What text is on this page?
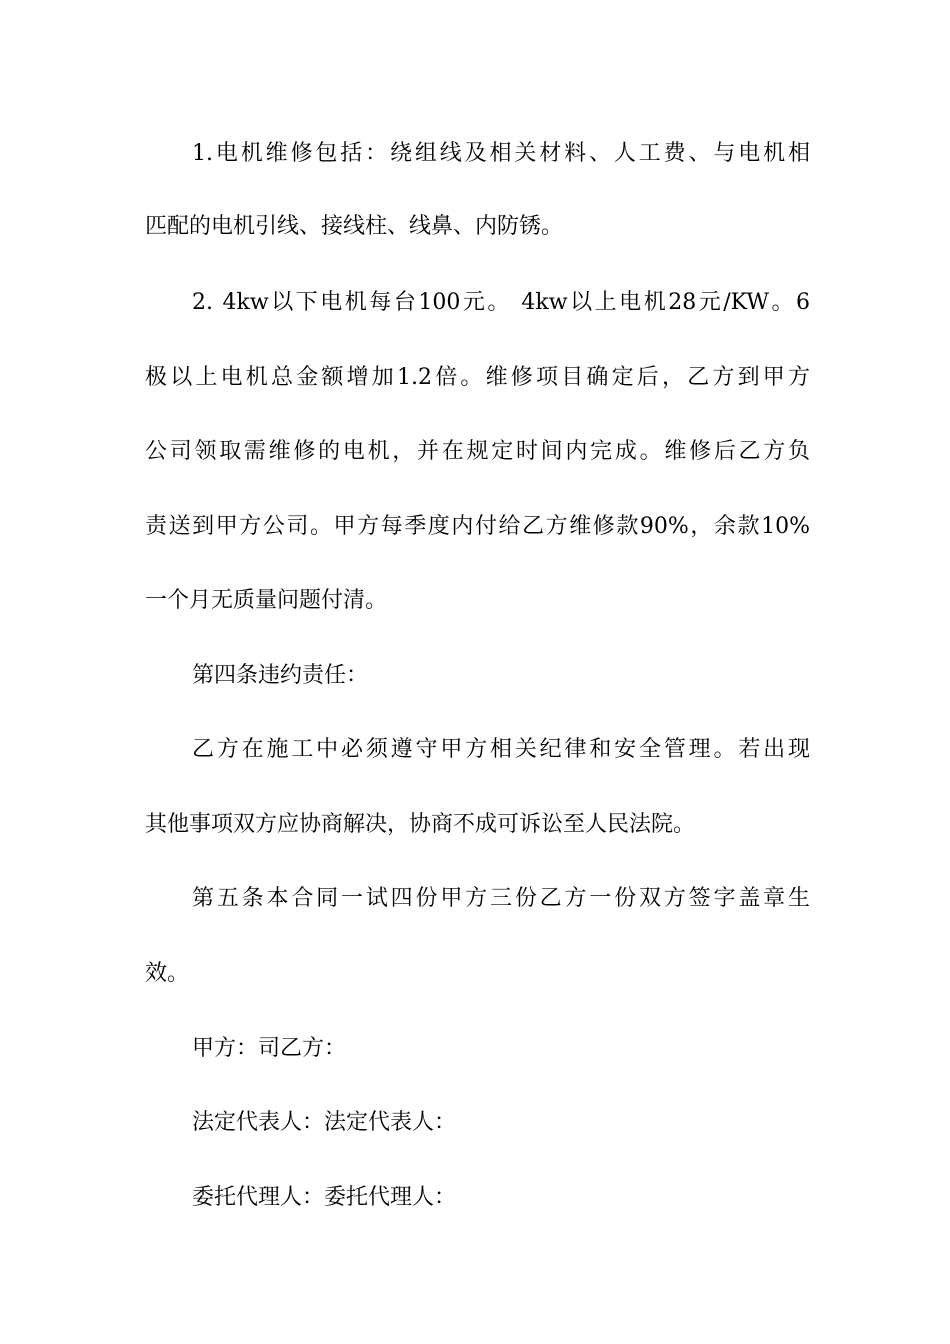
1.电机维修包括：绕组线及相关材料、人工费、与电机相

匹配的电机引线、接线柱、线鼻、内防锈。

2. 4kw以下电机每台100元。 4kw以上电机28元/KW。6

极以上电机总金额增加1.2倍。维修项目确定后，乙方到甲方

公司领取需维修的电机，并在规定时间内完成。维修后乙方负

责送到甲方公司。甲方每季度内付给乙方维修款90%，余款10%

一个月无质量问题付清。

第四条违约责任：

乙方在施工中必须遵守甲方相关纪律和安全管理。若出现

其他事项双方应协商解决，协商不成可诉讼至人民法院。

第五条本合同一试四份甲方三份乙方一份双方签字盖章生

效。

甲方：司乙方：

法定代表人：法定代表人：

委托代理人：委托代理人：
